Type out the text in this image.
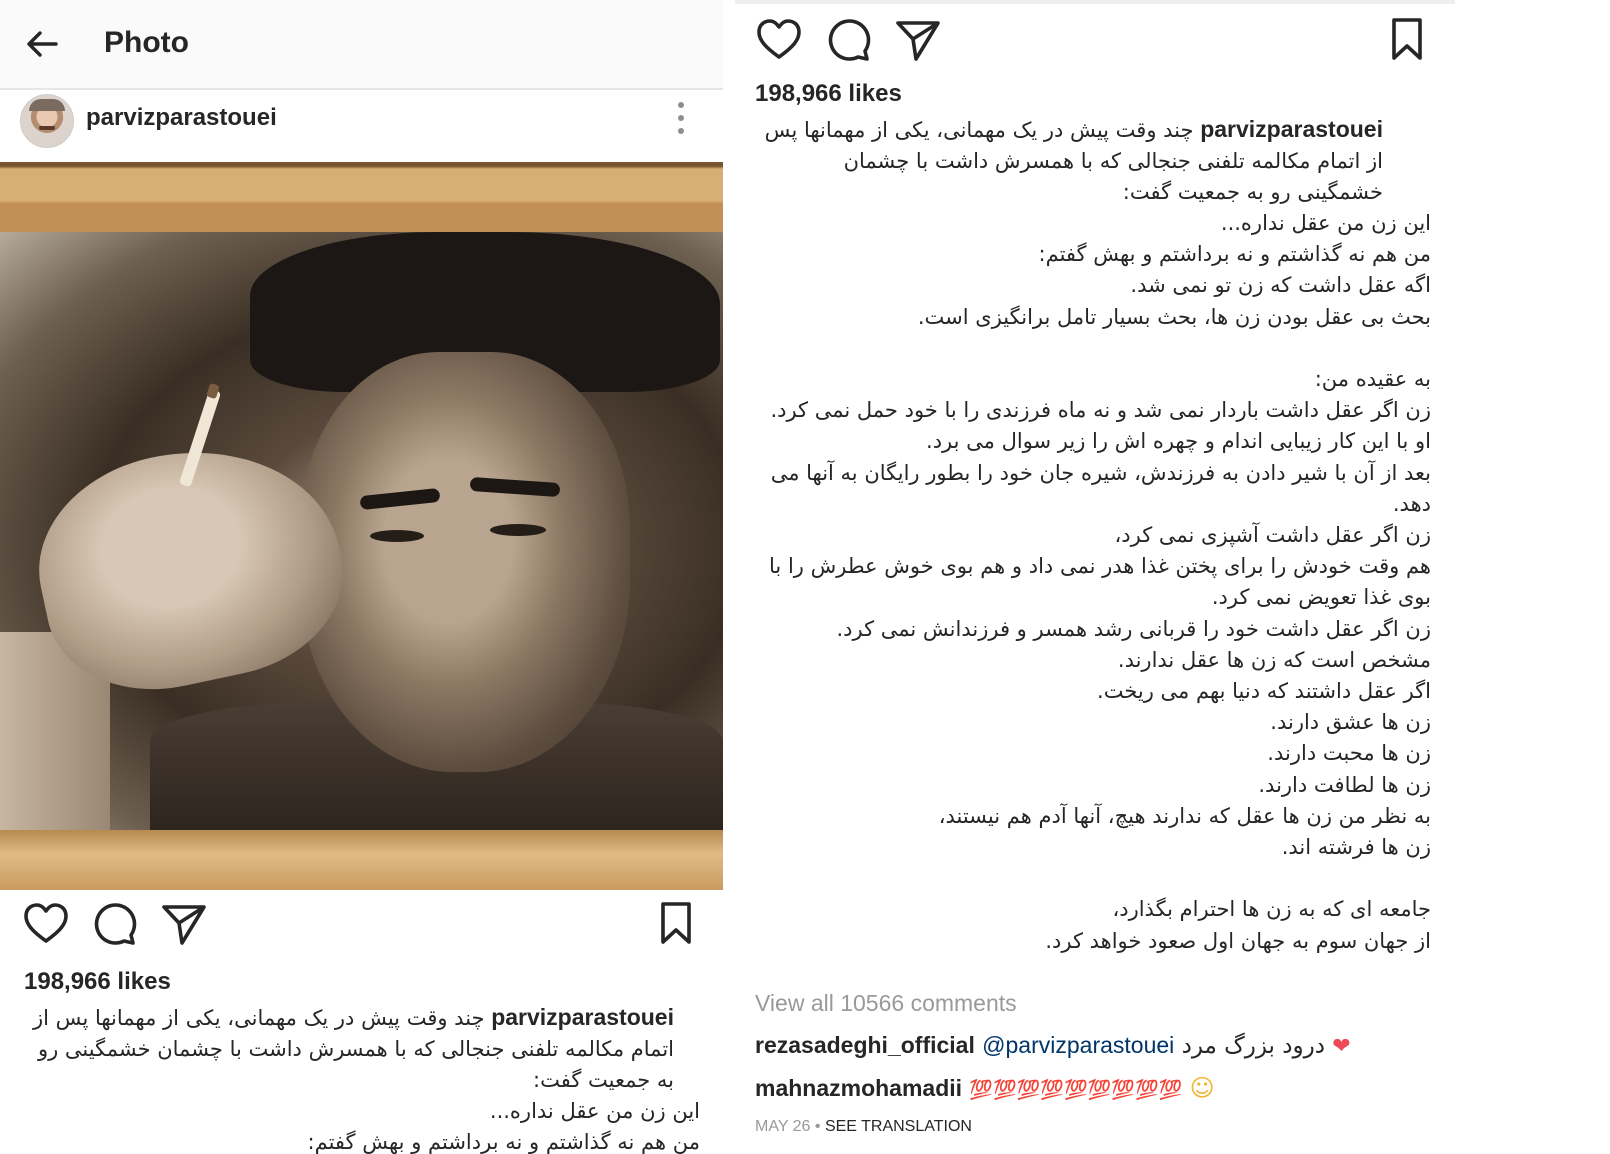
Photo
parvizparastouei
198,966 likes
parvizparastouei چند وقت پیش در یک مهمانی، یکی از مهمانها پس از اتمام مکالمه تلفنی جنجالی که با همسرش داشت با چشمان خشمگینی رو به جمعیت گفت:
این زن من عقل نداره...
من هم نه گذاشتم و نه برداشتم و بهش گفتم:
198,966 likes
parvizparastouei چند وقت پیش در یک مهمانی، یکی از مهمانها پس از اتمام مکالمه تلفنی جنجالی که با همسرش داشت با چشمان خشمگینی رو به جمعیت گفت:
این زن من عقل نداره...
من هم نه گذاشتم و نه برداشتم و بهش گفتم:
اگه عقل داشت که زن تو نمی شد.
بحث بی عقل بودن زن ها، بحث بسیار تامل برانگیزی است.
به عقیده من:
زن اگر عقل داشت باردار نمی شد و نه ماه فرزندی را با خود حمل نمی کرد.
او با این کار زیبایی اندام و چهره اش را زیر سوال می برد.
بعد از آن با شیر دادن به فرزندش، شیره جان خود را بطور رایگان به آنها می
دهد.
زن اگر عقل داشت آشپزی نمی کرد،
هم وقت خودش را برای پختن غذا هدر نمی داد و هم بوی خوش عطرش را با
بوی غذا تعویض نمی کرد.
زن اگر عقل داشت خود را قربانی رشد همسر و فرزندانش نمی کرد.
مشخص است که زن ها عقل ندارند.
اگر عقل داشتند که دنیا بهم می ریخت.
زن ها عشق دارند.
زن ها محبت دارند.
زن ها لطافت دارند.
به نظر من زن ها عقل که ندارند هیچ، آنها آدم هم نیستند،
زن ها فرشته اند.
جامعه ای که به زن ها احترام بگذارد،
از جهان سوم به جهان اول صعود خواهد کرد.
View all 10566 comments
rezasadeghi_official @parvizparastouei درود بزرگ مرد ❤
mahnazmohamadii 💯💯💯💯💯💯💯💯💯 ☺
MAY 26 • SEE TRANSLATION
